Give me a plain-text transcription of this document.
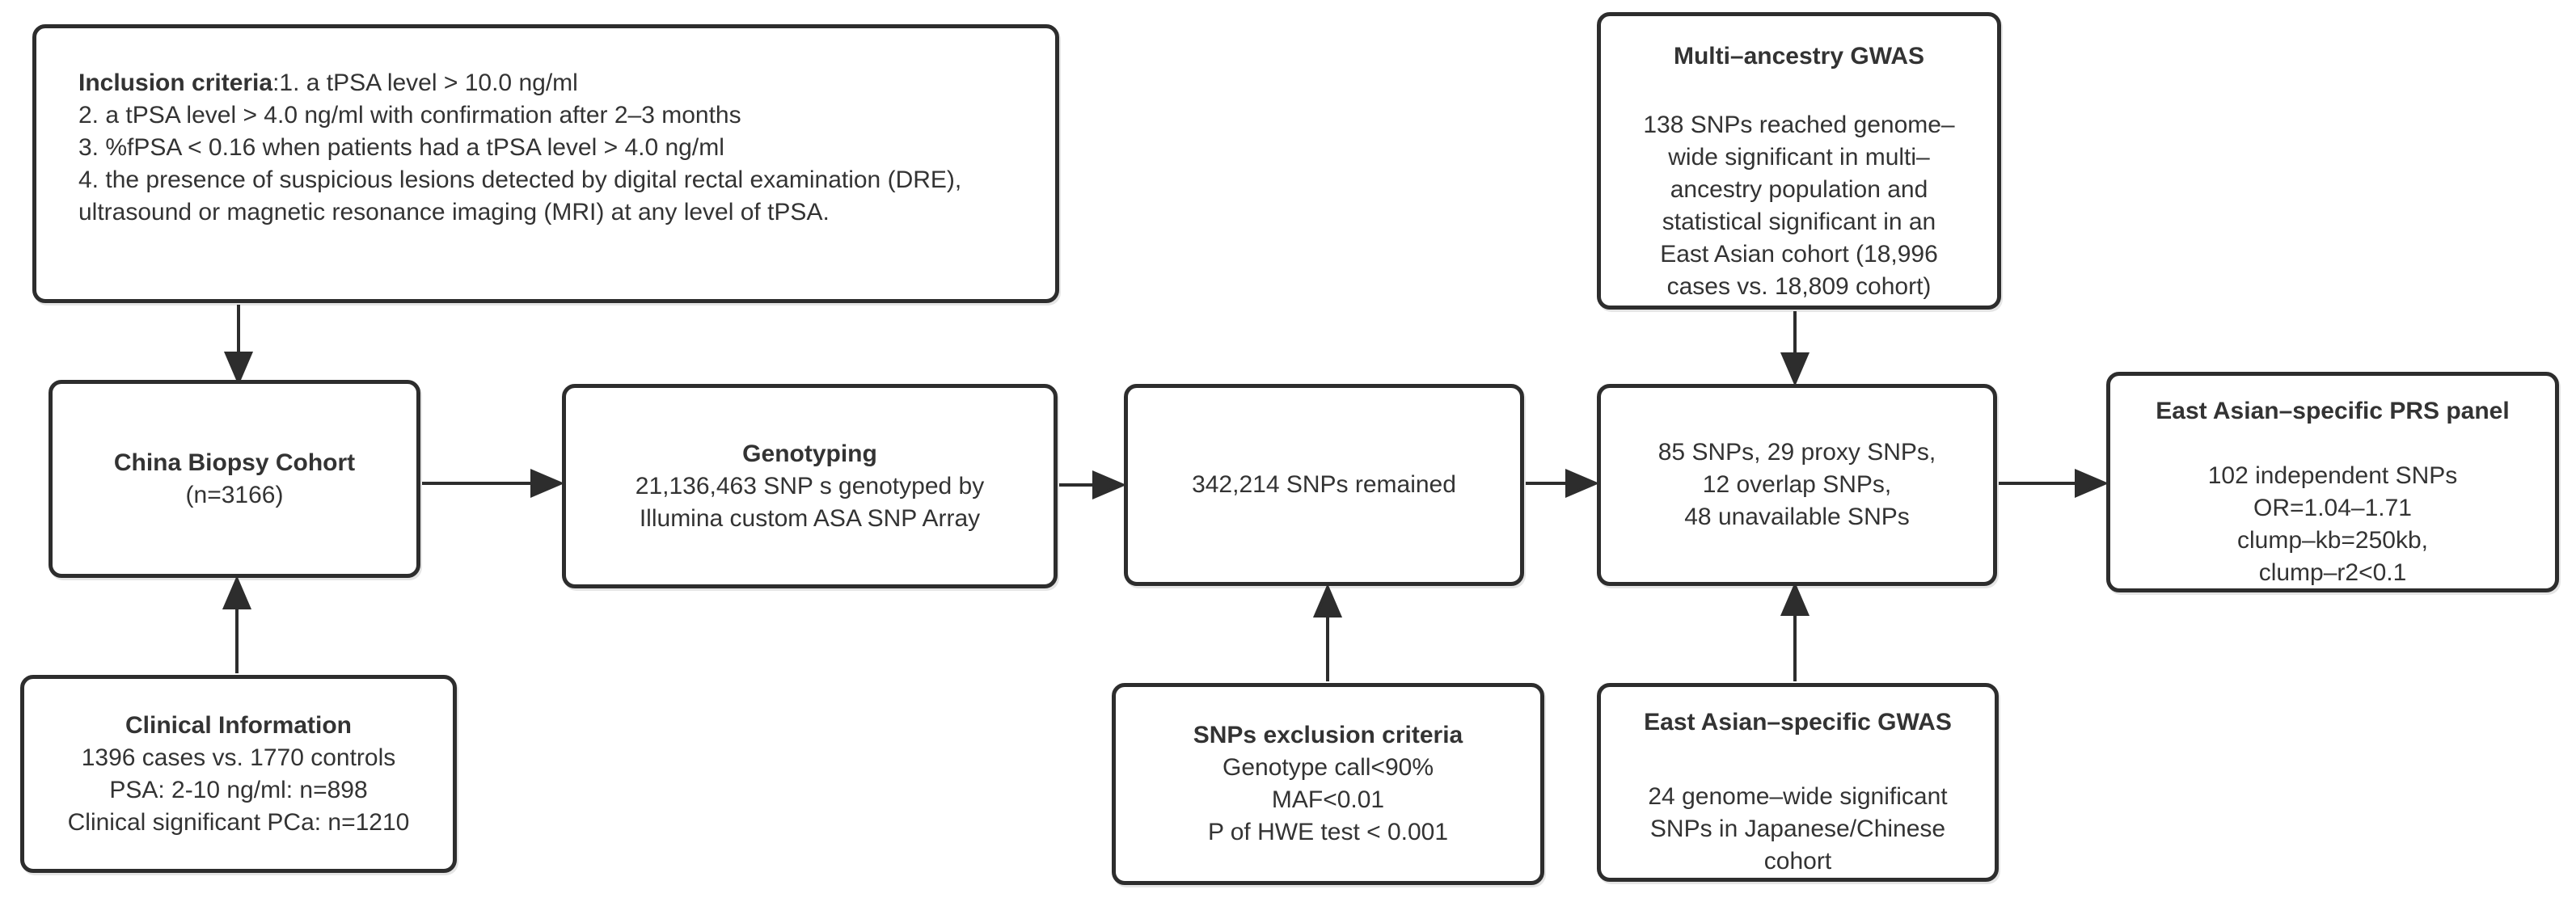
Inclusion criteria:1. a tPSA level > 10.0 ng/ml
2. a tPSA level > 4.0 ng/ml with confirmation after 2–3 months
3. %fPSA < 0.16 when patients had a tPSA level > 4.0 ng/ml
4. the presence of suspicious lesions detected by digital rectal examination (DRE),
ultrasound or magnetic resonance imaging (MRI) at any level of tPSA.
China Biopsy Cohort
(n=3166)
Clinical Information
1396 cases vs. 1770 controls
PSA: 2-10 ng/ml: n=898
Clinical significant PCa: n=1210
Genotyping
21,136,463 SNP s genotyped by
Illumina custom ASA SNP Array
342,214 SNPs remained
SNPs exclusion criteria
Genotype call<90%
MAF<0.01
P of HWE test < 0.001
Multi–ancestry GWAS
138 SNPs reached genome–
wide significant in multi–
ancestry population and
statistical significant in an
East Asian cohort (18,996
cases vs. 18,809 cohort)
85 SNPs, 29 proxy SNPs,
12 overlap SNPs,
48 unavailable SNPs
East Asian–specific GWAS
24 genome–wide significant
SNPs in Japanese/Chinese
cohort
East Asian–specific PRS panel
102 independent SNPs
OR=1.04–1.71
clump–kb=250kb,
clump–r2<0.1
